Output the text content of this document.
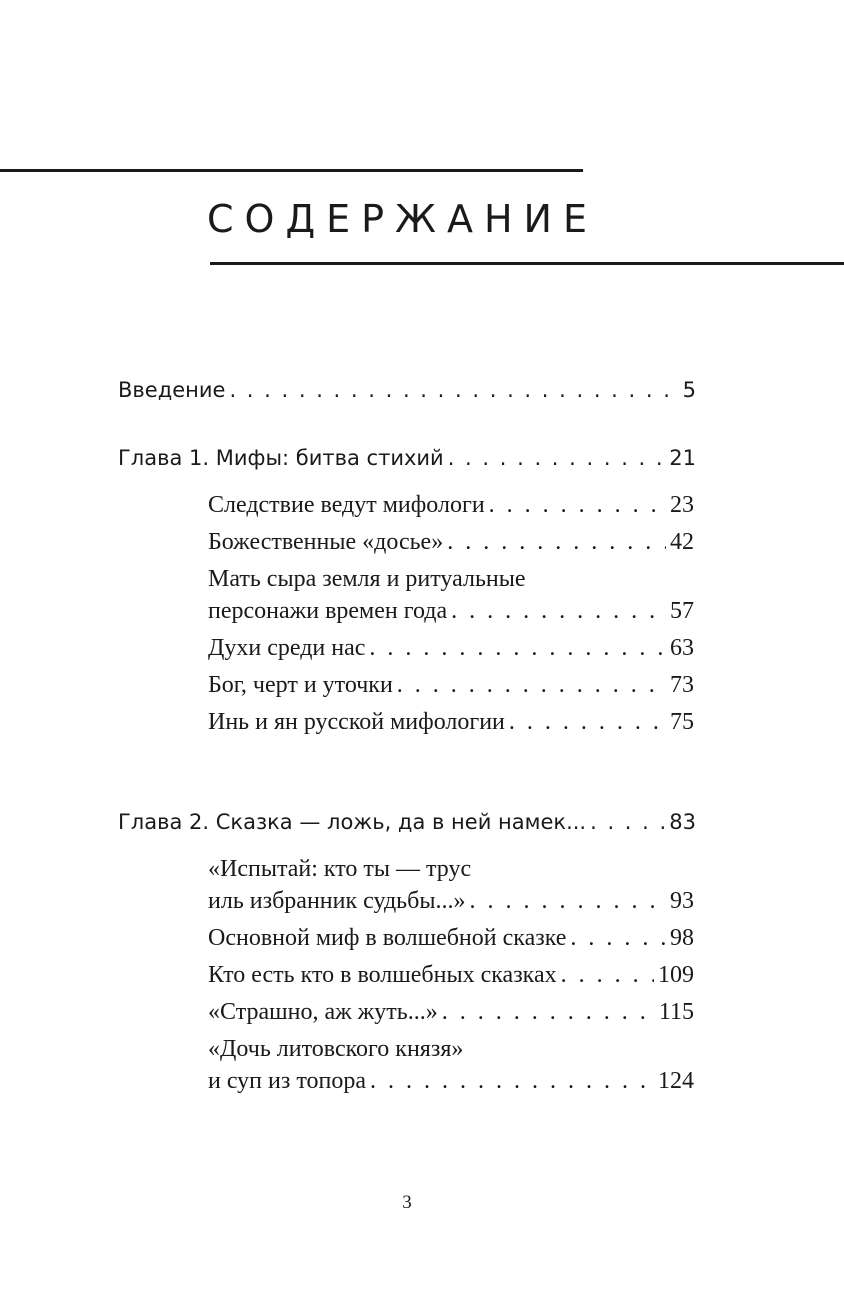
СОДЕРЖАНИЕ
Введение . . .	5
Глава 1. Мифы: битва стихий . . .	21
Следствие ведут мифологи . . .	23
Божественные «досье» . . .	42
Мать сыра земля и ритуальные
персонажи времен года . . .	57
Духи среди нас . . .	63
Бог, черт и уточки . . .	73
Инь и ян русской мифологии . . .	75
Глава 2. Сказка — ложь, да в ней намек... . . .	83
«Испытай: кто ты — трус
иль избранник судьбы...» . . .	93
Основной миф в волшебной сказке . . .	98
Кто есть кто в волшебных сказках . . .	109
«Страшно, аж жуть...» . . .	115
«Дочь литовского князя»
и суп из топора . . .	124
3
